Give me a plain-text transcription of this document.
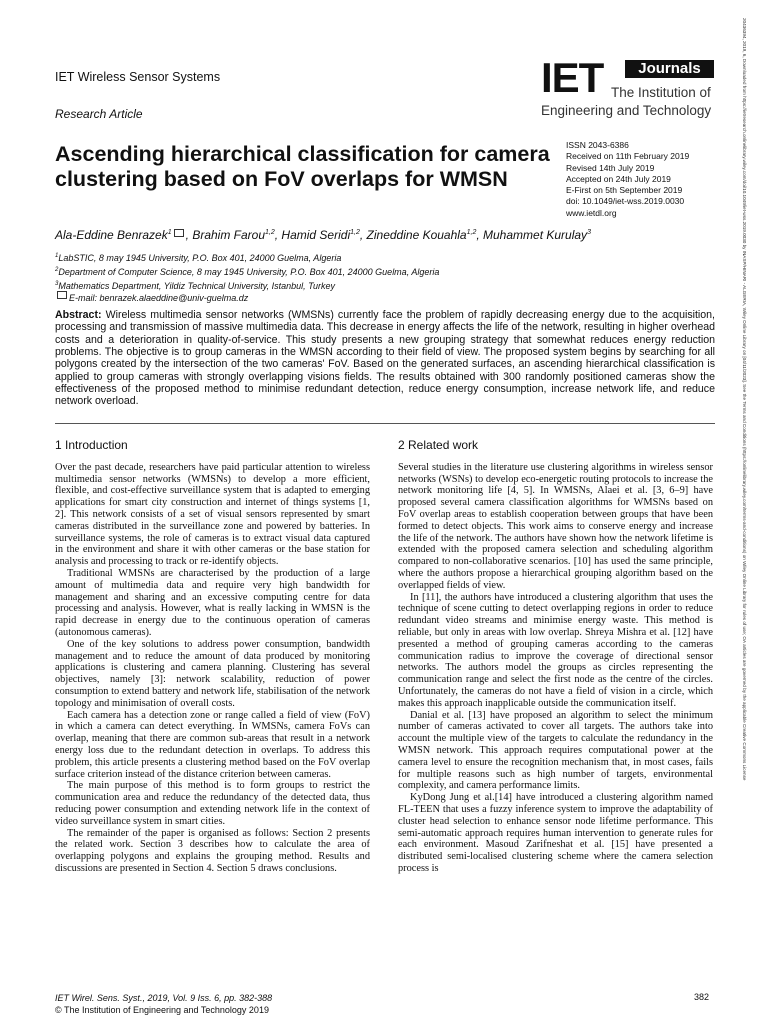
IET Wireless Sensor Systems
Research Article
IET	Journals
The Institution of
Engineering and Technology
Ascending hierarchical classification for camera clustering based on FoV overlaps for WMSN
ISSN 2043-6386
Received on 11th February 2019
Revised 14th July 2019
Accepted on 24th July 2019
E-First on 5th September 2019
doi: 10.1049/iet-wss.2019.0030
www.ietdl.org
Ala-Eddine Benrazek$^1$ , Brahim Farou$^{1,2}$, Hamid Seridi$^{1,2}$, Zineddine Kouahla$^{1,2}$, Muhammet Kurulay$^3$
$^1$LabSTIC, 8 may 1945 University, P.O. Box 401, 24000 Guelma, Algeria
$^2$Department of Computer Science, 8 may 1945 University, P.O. Box 401, 24000 Guelma, Algeria
$^3$Mathematics Department, Yildiz Technical University, Istanbul, Turkey
E-mail: benrazek.alaeddine@univ-guelma.dz
Abstract: Wireless multimedia sensor networks (WMSNs) currently face the problem of rapidly decreasing energy due to the acquisition, processing and transmission of massive multimedia data. This decrease in energy affects the life of the network, resulting in higher overhead costs and a deterioration in quality-of-service. This study presents a new grouping strategy that somewhat reduces energy reduction problems. The objective is to group cameras in the WMSN according to their field of view. The proposed system begins by searching for all polygons created by the intersection of the two cameras' FoV. Based on the generated surfaces, an ascending hierarchical classification is applied to group cameras with strongly overlapping visions fields. The results obtained with 300 randomly positioned cameras show the effectiveness of the proposed method to minimise redundant detection, reduce energy consumption, increase network life, and reduce network overload.
1 Introduction

Over the past decade, researchers have paid particular attention to wireless multimedia sensor networks (WMSNs) to develop a more efficient, flexible, and cost-effective surveillance system that is adapted to emerging applications for smart city construction and internet of things systems [1, 2]. This network consists of a set of visual sensors represented by smart cameras distributed in the surveillance zone and powered by batteries. In surveillance systems, the role of cameras is to extract visual data captured in the environment and share it with other cameras or the base station for analysis and processing to track or re-identify objects.

Traditional WMSNs are characterised by the production of a large amount of multimedia data and require very high bandwidth for management and sharing and an excessive computing centre for data processing and analysis. However, what is really lacking in WMSN is the rapid decrease in energy due to the continuous operation of cameras (autonomous cameras).

One of the key solutions to address power consumption, bandwidth management and to reduce the amount of data produced by monitoring applications is clustering and camera planning. Clustering has several objectives, namely [3]: network scalability, reduction of power consumption to extend battery and network life, stabilisation of the network topology and minimisation of overall costs.

Each camera has a detection zone or range called a field of view (FoV) in which a camera can detect everything. In WMSNs, camera FoVs can overlap, meaning that there are common sub-areas that result in a network energy loss due to the redundant detection in overlaps. To address this problem, this article presents a clustering method based on the FoV overlap surface criterion instead of the distance criterion between cameras.

The main purpose of this method is to form groups to restrict the communication area and reduce the redundancy of the detected data, thus reducing power consumption and extending network life in the context of video surveillance system in smart cities.

The remainder of the paper is organised as follows: Section 2 presents the related work. Section 3 describes how to calculate the area of overlapping polygons and explains the grouping method. Results and discussions are presented in Section 4. Section 5 draws conclusions.

2 Related work

Several studies in the literature use clustering algorithms in wireless sensor networks (WSNs) to develop eco-energetic routing protocols to increase the network monitoring life [4, 5]. In WMSNs, Alaei et al. [3, 6–9] have proposed several camera classification algorithms for WMSNs based on FoV overlap areas to establish cooperation between groups that have been formed to detect objects. This work aims to conserve energy and increase the life of the network. The authors have shown how the network lifetime is extended with the proposed camera selection and scheduling algorithm compared to non-collaborative scenarios. [10] has used the same principle, where the authors propose a hierarchical grouping algorithm based on the overlapped fields of view.

In [11], the authors have introduced a clustering algorithm that uses the technique of scene cutting to detect overlapping regions in order to reduce redundant video streams and minimise energy waste. This method is reliable, but only in areas with low overlap. Shreya Mishra et al. [12] have presented a method of grouping cameras according to the cameras communication radius to improve the coverage of directional sensor networks. The authors model the groups as circles representing the communication range and select the first node as the centre of the circles. Unfortunately, the cameras do not have a field of vision in a circle, which makes this approach inapplicable outside the communication itself.

Danial et al. [13] have proposed an algorithm to select the minimum number of cameras activated to cover all targets. The authors take into account the multiple view of the targets to calculate the redundancy in the WMSN network. This approach requires computational power at the camera level to ensure the recognition mechanism that, in most cases, fails for multiple reasons such as high number of targets, environmental complexity, and camera performance limits.

KyDong Jung et al.[14] have introduced a clustering algorithm named FL-TEEN that uses a fuzzy inference system to improve the adaptability of cluster head selection to enhance sensor node lifetime performance. This semi-automatic approach requires human intervention to generate rules for each environment. Masoud Zarifneshat et al. [15] have presented a distributed semi-localised clustering scheme where the camera selection process is

IET Wirel. Sens. Syst., 2019, Vol. 9 Iss. 6, pp. 382-388
© The Institution of Engineering and Technology 2019
382
20436394, 2019, 6, Downloaded from https://ietresearch.onlinelibrary.wiley.com/doi/10.1049/iet-wss.2019.0030 by INASP/HINARI - ALGERIA, Wiley Online Library on [04/11/2023]. See the Terms and Conditions (https://onlinelibrary.wiley.com/terms-and-conditions) on Wiley Online Library for rules of use; OA articles are governed by the applicable Creative Commons License
